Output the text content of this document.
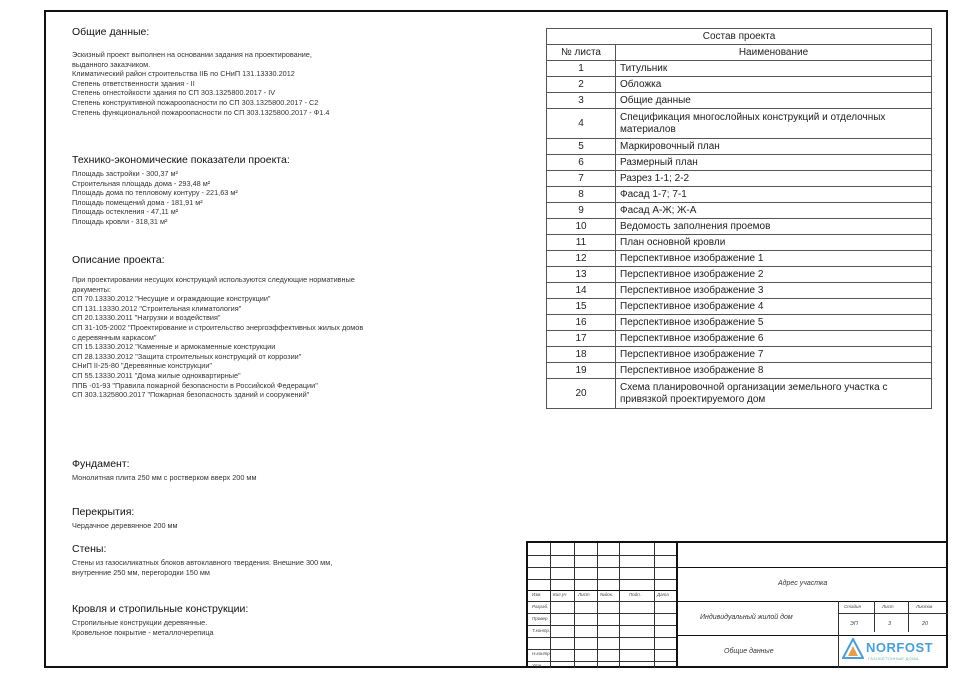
Общие данные:
Эскизный проект выполнен на основании задания на проектирование,
выданного заказчиком.
Климатический район строительства IIБ по СНиП 131.13330.2012
Степень ответственности здания - II
Степень огнестойкости здания по СП 303.1325800.2017 - IV
Степень конструктивной пожароопасности по СП 303.1325800.2017 - С2
Степень функциональной пожароопасности по СП 303.1325800.2017 - Ф1.4
Технико-экономические показатели проекта:
Площадь застройки - 300,37 м²
Строительная площадь дома - 293,48 м²
Площадь дома по тепловому контуру - 221,63 м²
Площадь помещений дома - 181,91 м²
Площадь остекления - 47,11 м²
Площадь кровли - 318,31 м²
Описание проекта:
При проектировании несущих конструкций используются следующие нормативные
документы:
СП 70.13330.2012 "Несущие и ограждающие конструкции"
СП 131.13330.2012 "Строительная климатология"
СП 20.13330.2011 "Нагрузки и воздействия"
СП 31-105-2002 "Проектирование и строительство энергоэффективных жилых домов
с деревянным каркасом"
СП 15.13330.2012 "Каменные и армокаменные конструкции
СП 28.13330.2012 "Защита строительных конструкций от коррозии"
СНиП II-25-80 "Деревянные конструкции"
СП 55.13330.2011 "Дома жилые одноквартирные"
ППБ -01-93 "Правила пожарной безопасности в Российской Федерации"
СП 303.1325800.2017 "Пожарная безопасность зданий и сооружений"
Фундамент:
Монолитная плита 250 мм с ростверком вверх 200 мм
Перекрытия:
Чердачное деревянное 200 мм
Стены:
Стены из газосиликатных блоков автоклавного твердения. Внешние 300 мм,
внутренние 250 мм, перегородки 150 мм
Кровля и стропильные конструкции:
Стропильные конструкции деревянные.
Кровельное покрытие - металлочерепица
Состав проекта	
№ листа	Наименование
1	Титульник
2	Обложка
3	Общие данные
4	Спецификация многослойных конструкций и отделочных материалов
5	Маркировочный план
6	Размерный план
7	Разрез 1-1; 2-2
8	Фасад 1-7; 7-1
9	Фасад А-Ж; Ж-А
10	Ведомость заполнения проемов
11	План основной кровли
12	Перспективное изображение 1
13	Перспективное изображение 2
14	Перспективное изображение 3
15	Перспективное изображение 4
16	Перспективное изображение 5
17	Перспективное изображение 6
18	Перспективное изображение 7
19	Перспективное изображение 8
20	Схема планировочной организации земельного участка с привязкой проектируемого дом
Изм.	Кол.уч	Лист №док.	Подп.	Дата
Разраб.
Провер.
Т.контр.
Н.контр.
Утв.
Адрес участка
Индивидуальный жилой дом
Общие данные
Стадия	Лист	Листов
ЭП	3	20
NORFOST
ГАЗОБЕТОННЫЕ ДОМА
